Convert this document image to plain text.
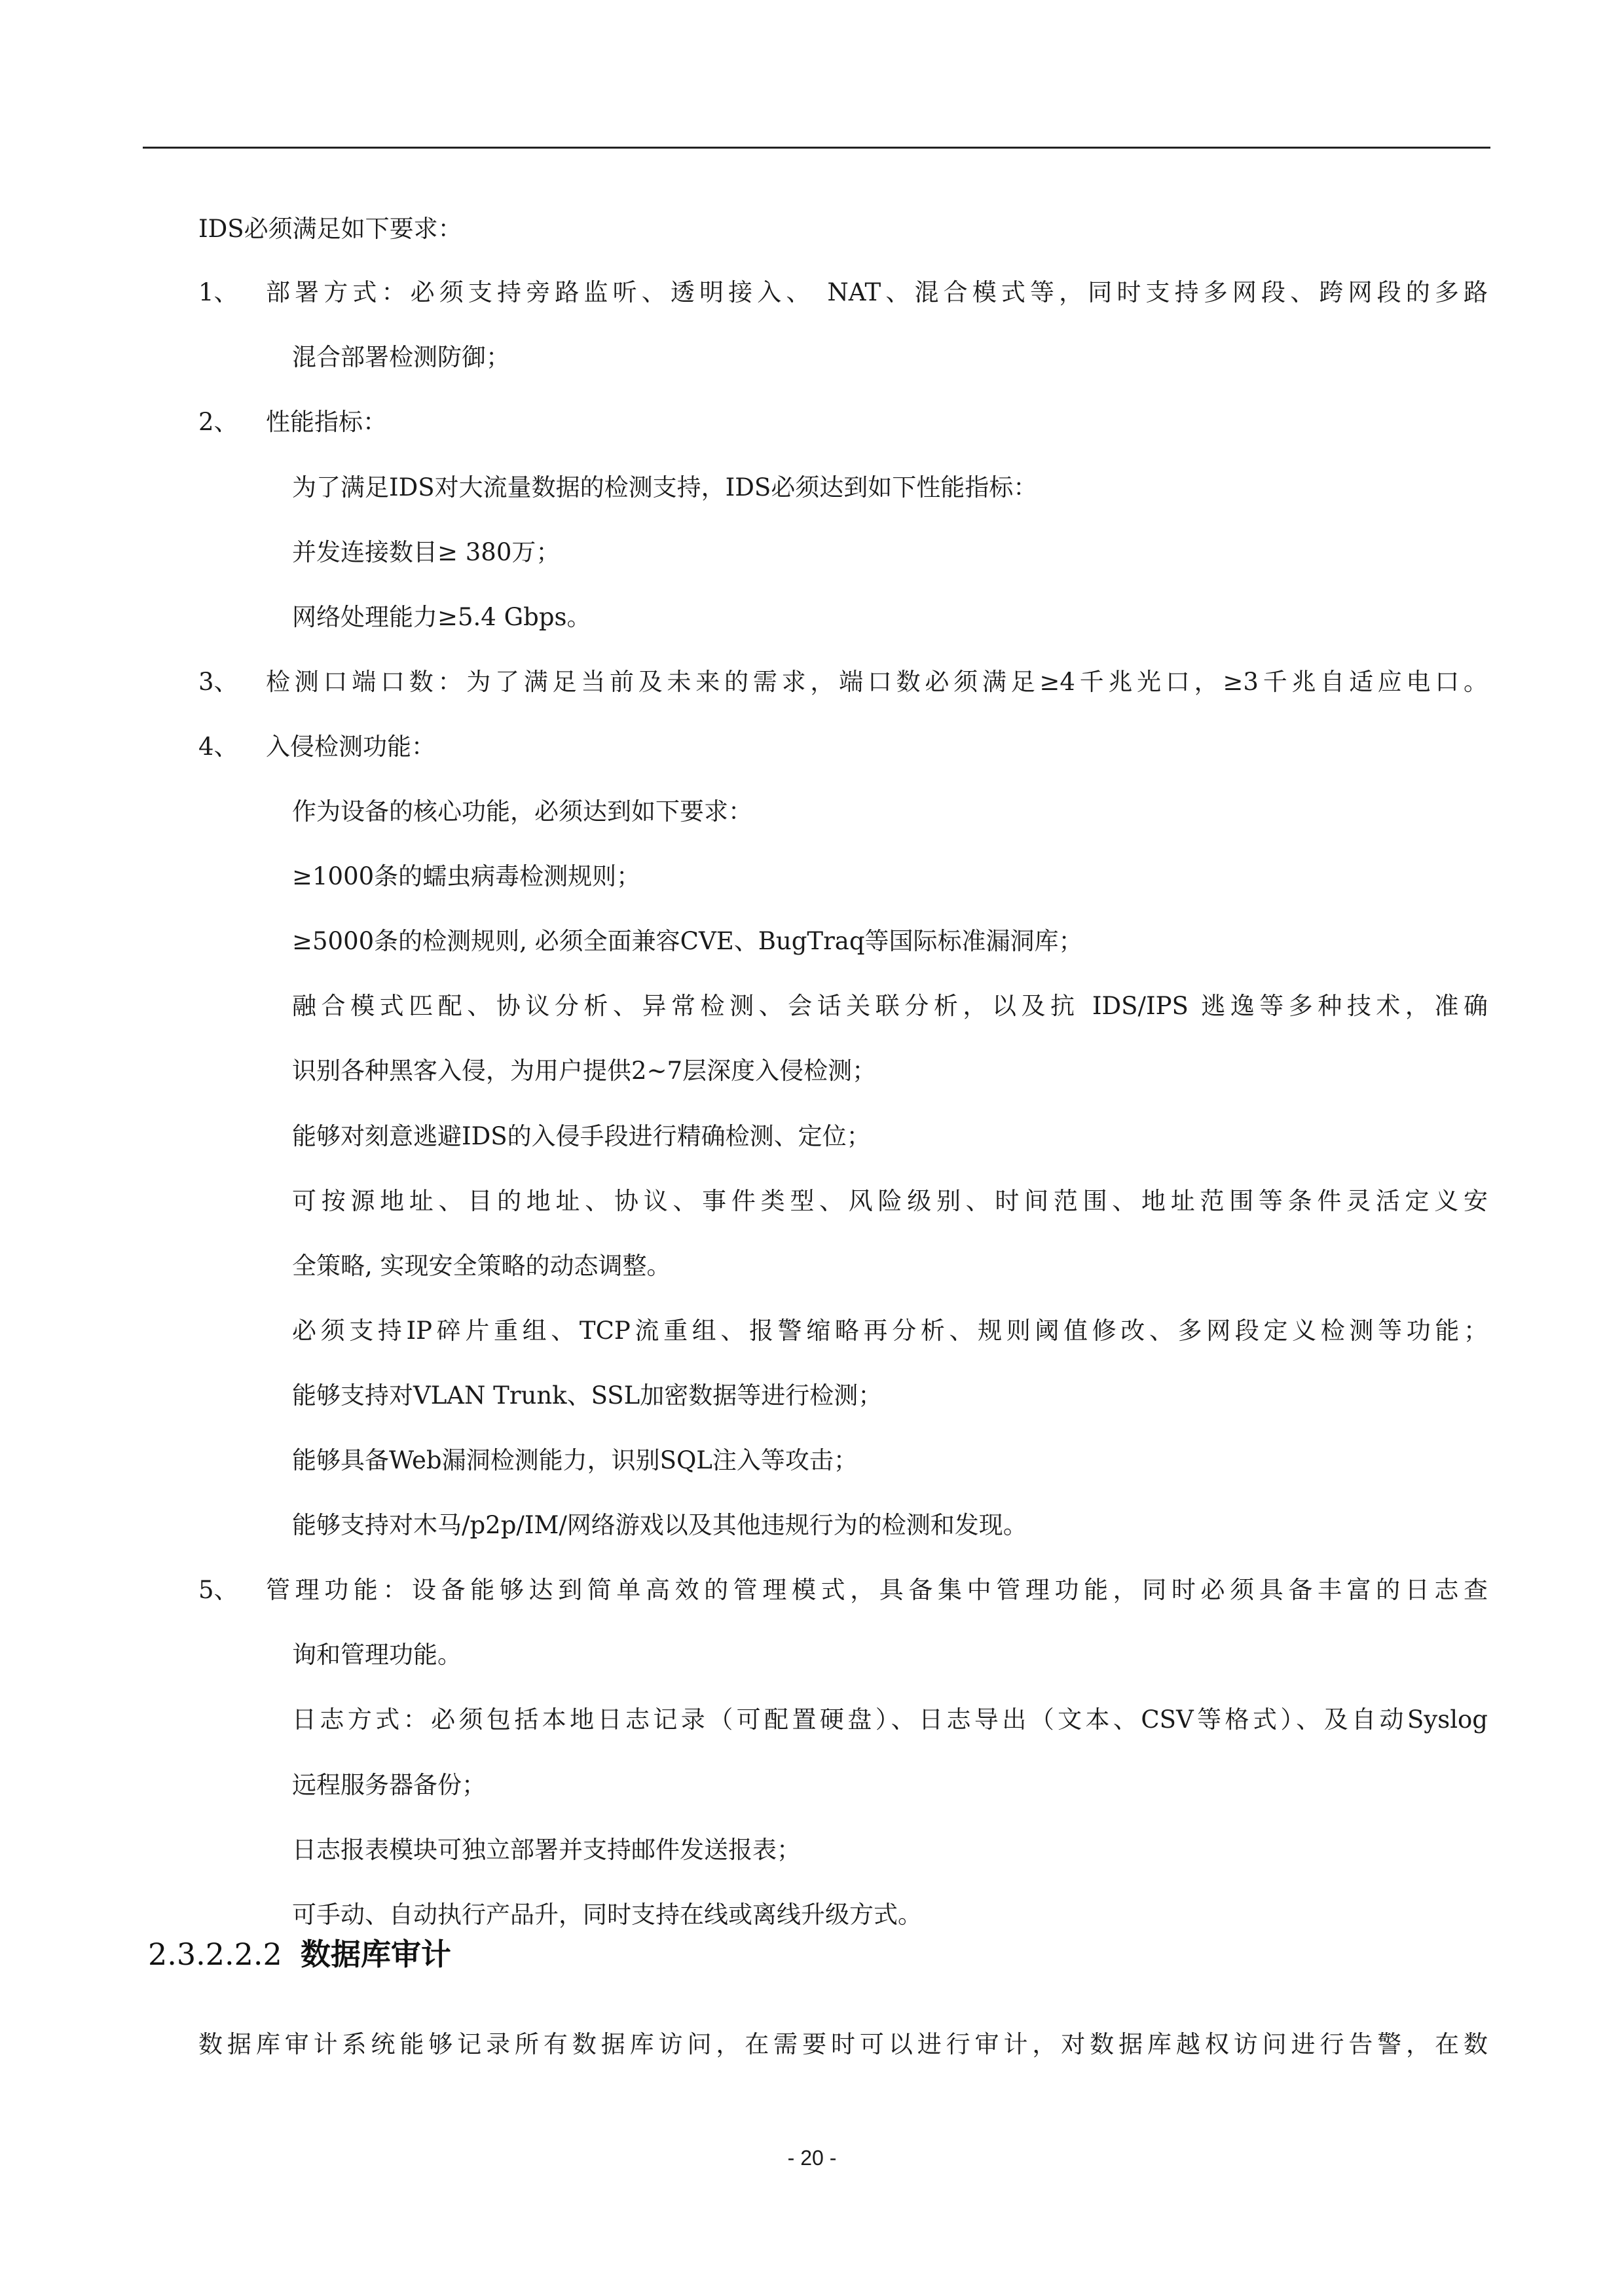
IDS必须满足如下要求：
1、 部署方式：必须支持旁路监听、透明接入、 NAT、混合模式等，同时支持多网段、跨网段的多路
混合部署检测防御；
2、 性能指标：
为了满足IDS对大流量数据的检测支持，IDS必须达到如下性能指标：
并发连接数目≥ 380万；
网络处理能力≥5.4 Gbps。
3、 检测口端口数：为了满足当前及未来的需求，端口数必须满足≥4千兆光口，≥3千兆自适应电口。
4、 入侵检测功能：
作为设备的核心功能，必须达到如下要求：
≥1000条的蠕虫病毒检测规则；
≥5000条的检测规则, 必须全面兼容CVE、BugTraq等国际标准漏洞库；
融合模式匹配、协议分析、异常检测、会话关联分析，以及抗 IDS/IPS 逃逸等多种技术，准确
识别各种黑客入侵，为用户提供2~7层深度入侵检测；
能够对刻意逃避IDS的入侵手段进行精确检测、定位；
可按源地址、目的地址、协议、事件类型、风险级别、时间范围、地址范围等条件灵活定义安
全策略, 实现安全策略的动态调整。
必须支持IP碎片重组、TCP流重组、报警缩略再分析、规则阈值修改、多网段定义检测等功能；
能够支持对VLAN Trunk、SSL加密数据等进行检测；
能够具备Web漏洞检测能力，识别SQL注入等攻击；
能够支持对木马/p2p/IM/网络游戏以及其他违规行为的检测和发现。
5、 管理功能：设备能够达到简单高效的管理模式，具备集中管理功能，同时必须具备丰富的日志查
询和管理功能。
日志方式：必须包括本地日志记录（可配置硬盘）、日志导出（文本、CSV等格式）、及自动Syslog
远程服务器备份；
日志报表模块可独立部署并支持邮件发送报表；
可手动、自动执行产品升，同时支持在线或离线升级方式。
2.3.2.2.2 数据库审计
数据库审计系统能够记录所有数据库访问，在需要时可以进行审计，对数据库越权访问进行告警，在数
- 20 -
